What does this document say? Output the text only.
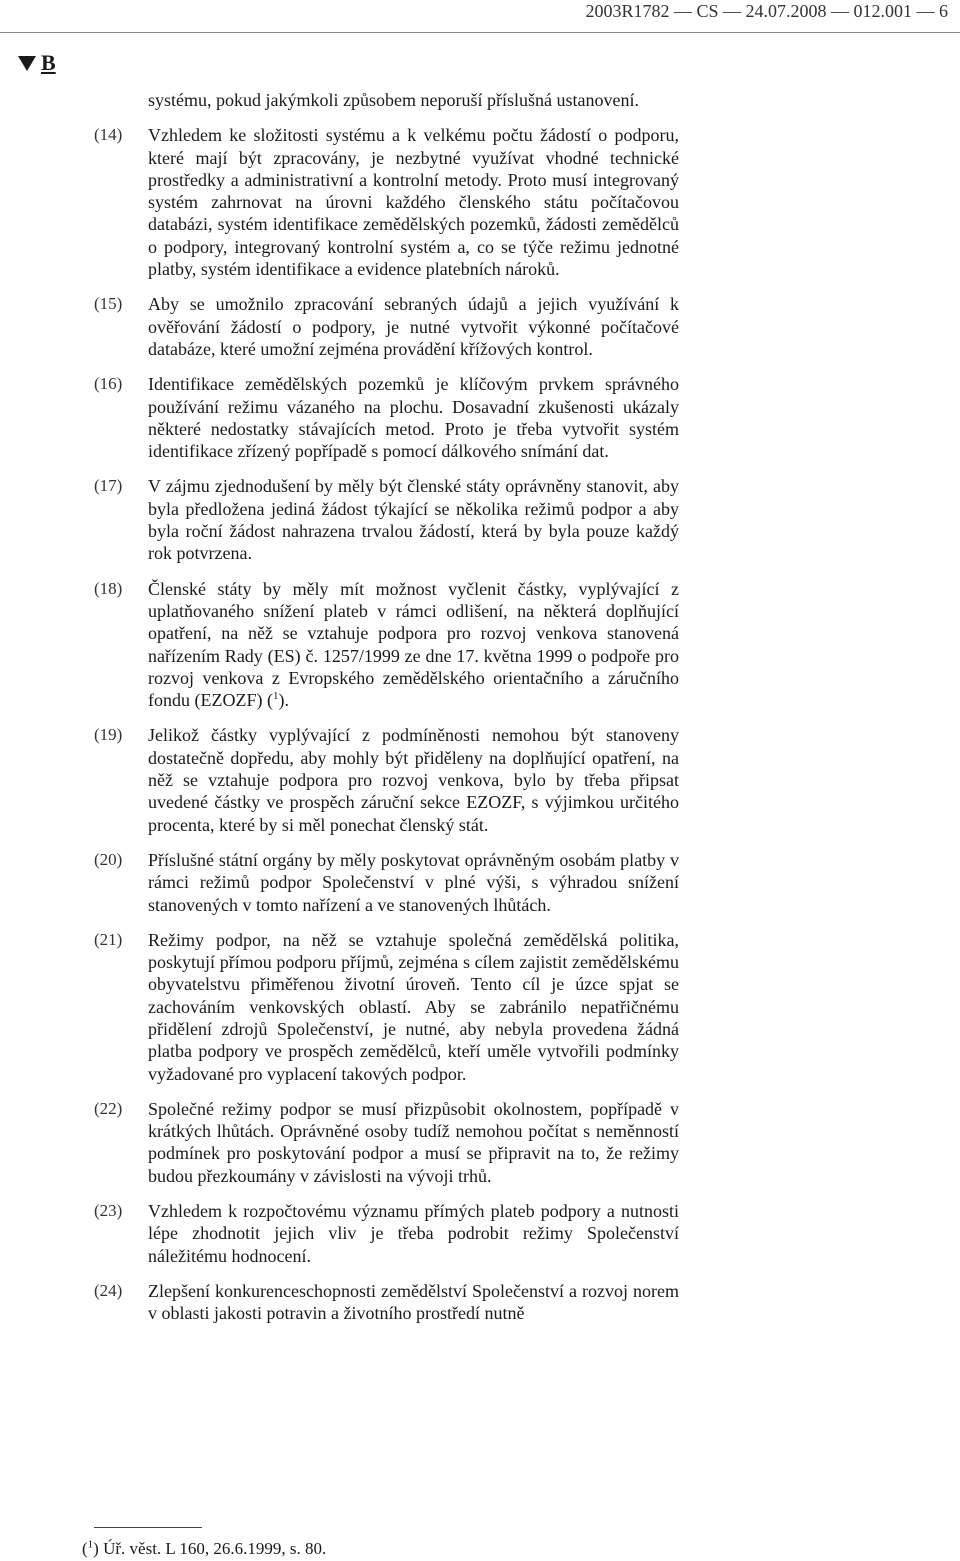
2003R1782 — CS — 24.07.2008 — 012.001 — 6
B
systému, pokud jakýmkoli způsobem neporuší příslušná ustanovení.
(14) Vzhledem ke složitosti systému a k velkému počtu žádostí o podporu, které mají být zpracovány, je nezbytné využívat vhodné technické prostředky a administrativní a kontrolní metody. Proto musí integrovaný systém zahrnovat na úrovni každého členského státu počítačovou databázi, systém identifikace zemědělských pozemků, žádosti zemědělců o podpory, integrovaný kontrolní systém a, co se týče režimu jednotné platby, systém identifikace a evidence platebních nároků.
(15) Aby se umožnilo zpracování sebraných údajů a jejich využívání k ověřování žádostí o podpory, je nutné vytvořit výkonné počítačové databáze, které umožní zejména provádění křížových kontrol.
(16) Identifikace zemědělských pozemků je klíčovým prvkem správného používání režimu vázaného na plochu. Dosavadní zkušenosti ukázaly některé nedostatky stávajících metod. Proto je třeba vytvořit systém identifikace zřízený popřípadě s pomocí dálkového snímání dat.
(17) V zájmu zjednodušení by měly být členské státy oprávněny stanovit, aby byla předložena jediná žádost týkající se několika režimů podpor a aby byla roční žádost nahrazena trvalou žádostí, která by byla pouze každý rok potvrzena.
(18) Členské státy by měly mít možnost vyčlenit částky, vyplývající z uplatňovaného snížení plateb v rámci odlišení, na některá doplňující opatření, na něž se vztahuje podpora pro rozvoj venkova stanovená nařízením Rady (ES) č. 1257/1999 ze dne 17. května 1999 o podpoře pro rozvoj venkova z Evropského zemědělského orientačního a záručního fondu (EZOZF) ($^1$).
(19) Jelikož částky vyplývající z podmíněnosti nemohou být stanoveny dostatečně dopředu, aby mohly být přiděleny na doplňující opatření, na něž se vztahuje podpora pro rozvoj venkova, bylo by třeba připsat uvedené částky ve prospěch záruční sekce EZOZF, s výjimkou určitého procenta, které by si měl ponechat členský stát.
(20) Příslušné státní orgány by měly poskytovat oprávněným osobám platby v rámci režimů podpor Společenství v plné výši, s výhradou snížení stanovených v tomto nařízení a ve stanovených lhůtách.
(21) Režimy podpor, na něž se vztahuje společná zemědělská politika, poskytují přímou podporu příjmů, zejména s cílem zajistit zemědělskému obyvatelstvu přiměřenou životní úroveň. Tento cíl je úzce spjat se zachováním venkovských oblastí. Aby se zabránilo nepatřičnému přidělení zdrojů Společenství, je nutné, aby nebyla provedena žádná platba podpory ve prospěch zemědělců, kteří uměle vytvořili podmínky vyžadované pro vyplacení takových podpor.
(22) Společné režimy podpor se musí přizpůsobit okolnostem, popřípadě v krátkých lhůtách. Oprávněné osoby tudíž nemohou počítat s neměnností podmínek pro poskytování podpor a musí se připravit na to, že režimy budou přezkoumány v závislosti na vývoji trhů.
(23) Vzhledem k rozpočtovému významu přímých plateb podpory a nutnosti lépe zhodnotit jejich vliv je třeba podrobit režimy Společenství náležitému hodnocení.
(24) Zlepšení konkurenceschopnosti zemědělství Společenství a rozvoj norem v oblasti jakosti potravin a životního prostředí nutně
($^1$) Úř. věst. L 160, 26.6.1999, s. 80.
